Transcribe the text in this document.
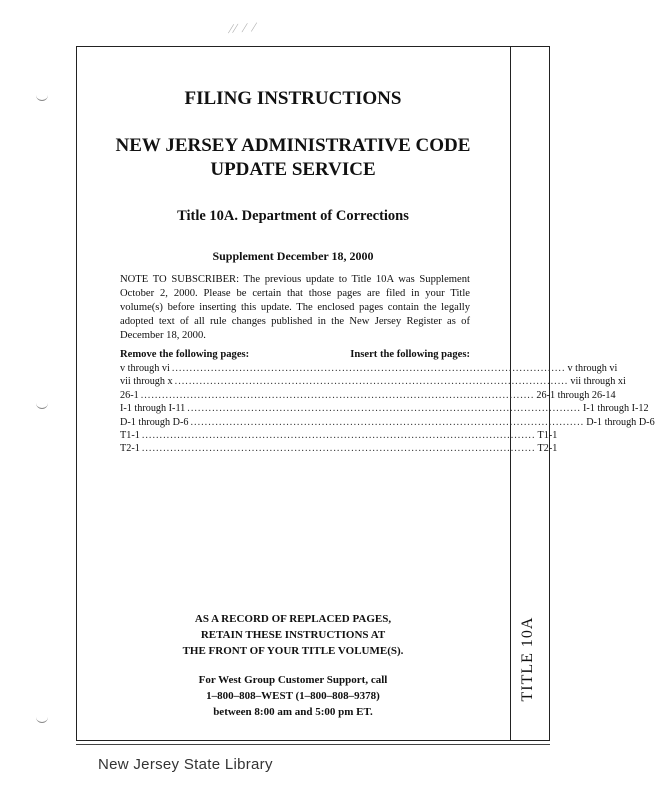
⁄⁄ ∕ ⁄
TITLE 10A
FILING INSTRUCTIONS
NEW JERSEY ADMINISTRATIVE CODE
UPDATE SERVICE
Title 10A. Department of Corrections
Supplement December 18, 2000
NOTE TO SUBSCRIBER: The previous update to Title 10A was Supplement October 2, 2000. Please be certain that those pages are filed in your Title volume(s) before inserting this update. The enclosed pages contain the legally adopted text of all rule changes published in the New Jersey Register as of December 18, 2000.
Remove the following pages:	Insert the following pages:
v through vi ............................................................................................................... v through vi
vii through x ............................................................................................................... vii through xi
26-1 ............................................................................................................... 26-1 through 26-14
I-1 through I-11 ............................................................................................................... I-1 through I-12
D-1 through D-6 ............................................................................................................... D-1 through D-6
T1-1 ............................................................................................................... T1-1
T2-1 ............................................................................................................... T2-1
AS A RECORD OF REPLACED PAGES,
RETAIN THESE INSTRUCTIONS AT
THE FRONT OF YOUR TITLE VOLUME(S).
For West Group Customer Support, call
1–800–808–WEST (1–800–808–9378)
between 8:00 am and 5:00 pm ET.
New Jersey State Library
